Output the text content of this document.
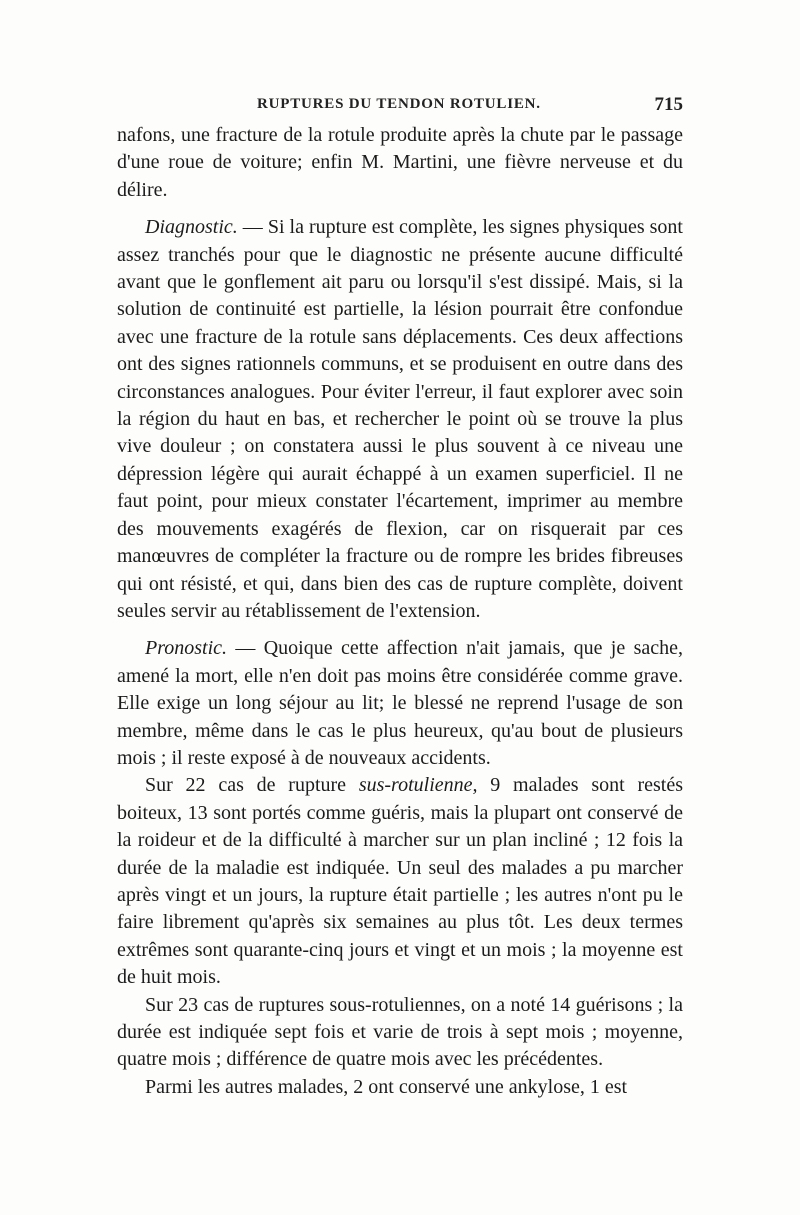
RUPTURES DU TENDON ROTULIEN.	715

nafons, une fracture de la rotule produite après la chute par le passage d'une roue de voiture; enfin M. Martini, une fièvre nerveuse et du délire.

Diagnostic. — Si la rupture est complète, les signes physiques sont assez tranchés pour que le diagnostic ne présente aucune difficulté avant que le gonflement ait paru ou lorsqu'il s'est dissipé. Mais, si la solution de continuité est partielle, la lésion pourrait être confondue avec une fracture de la rotule sans déplacements. Ces deux affections ont des signes rationnels communs, et se produisent en outre dans des circonstances analogues. Pour éviter l'erreur, il faut explorer avec soin la région du haut en bas, et rechercher le point où se trouve la plus vive douleur ; on constatera aussi le plus souvent à ce niveau une dépression légère qui aurait échappé à un examen superficiel. Il ne faut point, pour mieux constater l'écartement, imprimer au membre des mouvements exagérés de flexion, car on risquerait par ces manœuvres de compléter la fracture ou de rompre les brides fibreuses qui ont résisté, et qui, dans bien des cas de rupture complète, doivent seules servir au rétablissement de l'extension.

Pronostic. — Quoique cette affection n'ait jamais, que je sache, amené la mort, elle n'en doit pas moins être considérée comme grave. Elle exige un long séjour au lit; le blessé ne reprend l'usage de son membre, même dans le cas le plus heureux, qu'au bout de plusieurs mois ; il reste exposé à de nouveaux accidents.

Sur 22 cas de rupture sus-rotulienne, 9 malades sont restés boiteux, 13 sont portés comme guéris, mais la plupart ont conservé de la roideur et de la difficulté à marcher sur un plan incliné ; 12 fois la durée de la maladie est indiquée. Un seul des malades a pu marcher après vingt et un jours, la rupture était partielle ; les autres n'ont pu le faire librement qu'après six semaines au plus tôt. Les deux termes extrêmes sont quarante-cinq jours et vingt et un mois ; la moyenne est de huit mois.

Sur 23 cas de ruptures sous-rotuliennes, on a noté 14 guérisons ; la durée est indiquée sept fois et varie de trois à sept mois ; moyenne, quatre mois ; différence de quatre mois avec les précédentes.

Parmi les autres malades, 2 ont conservé une ankylose, 1 est
